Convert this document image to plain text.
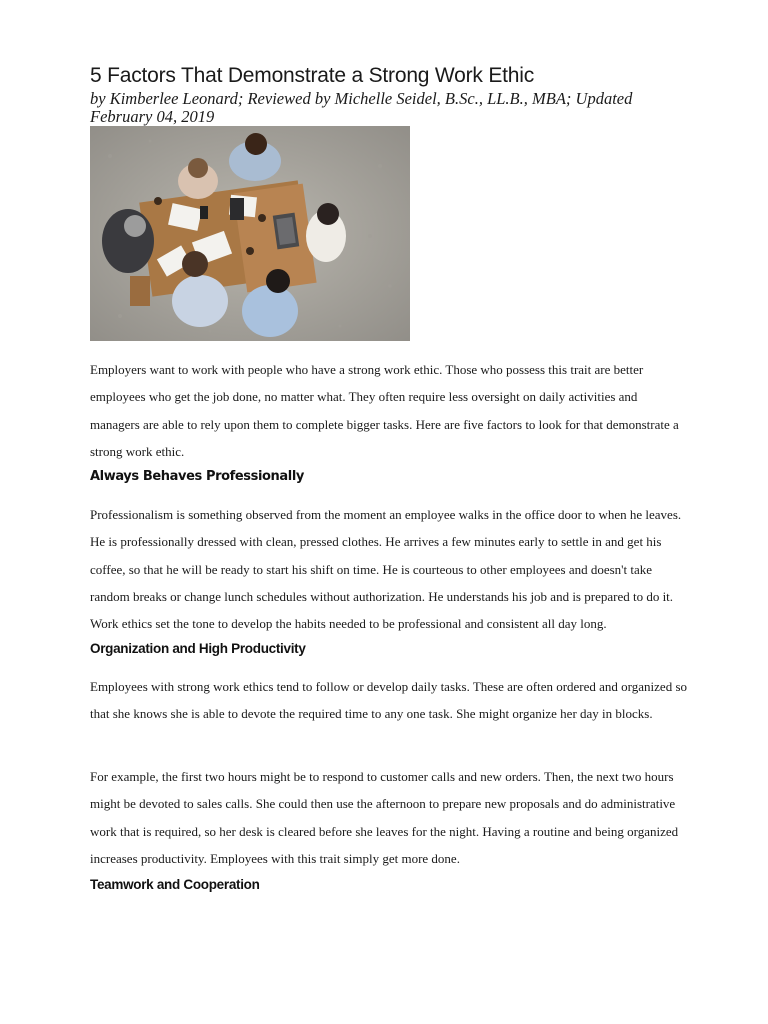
5 Factors That Demonstrate a Strong Work Ethic

by Kimberlee Leonard; Reviewed by Michelle Seidel, B.Sc., LL.B., MBA; Updated February 04, 2019

Employers want to work with people who have a strong work ethic. Those who possess this trait are better employees who get the job done, no matter what. They often require less oversight on daily activities and managers are able to rely upon them to complete bigger tasks. Here are five factors to look for that demonstrate a strong work ethic.

Always Behaves Professionally

Professionalism is something observed from the moment an employee walks in the office door to when he leaves. He is professionally dressed with clean, pressed clothes. He arrives a few minutes early to settle in and get his coffee, so that he will be ready to start his shift on time. He is courteous to other employees and doesn't take random breaks or change lunch schedules without authorization. He understands his job and is prepared to do it. Work ethics set the tone to develop the habits needed to be professional and consistent all day long.

Organization and High Productivity

Employees with strong work ethics tend to follow or develop daily tasks. These are often ordered and organized so that she knows she is able to devote the required time to any one task. She might organize her day in blocks.

For example, the first two hours might be to respond to customer calls and new orders. Then, the next two hours might be devoted to sales calls. She could then use the afternoon to prepare new proposals and do administrative work that is required, so her desk is cleared before she leaves for the night. Having a routine and being organized increases productivity. Employees with this trait simply get more done.

Teamwork and Cooperation
